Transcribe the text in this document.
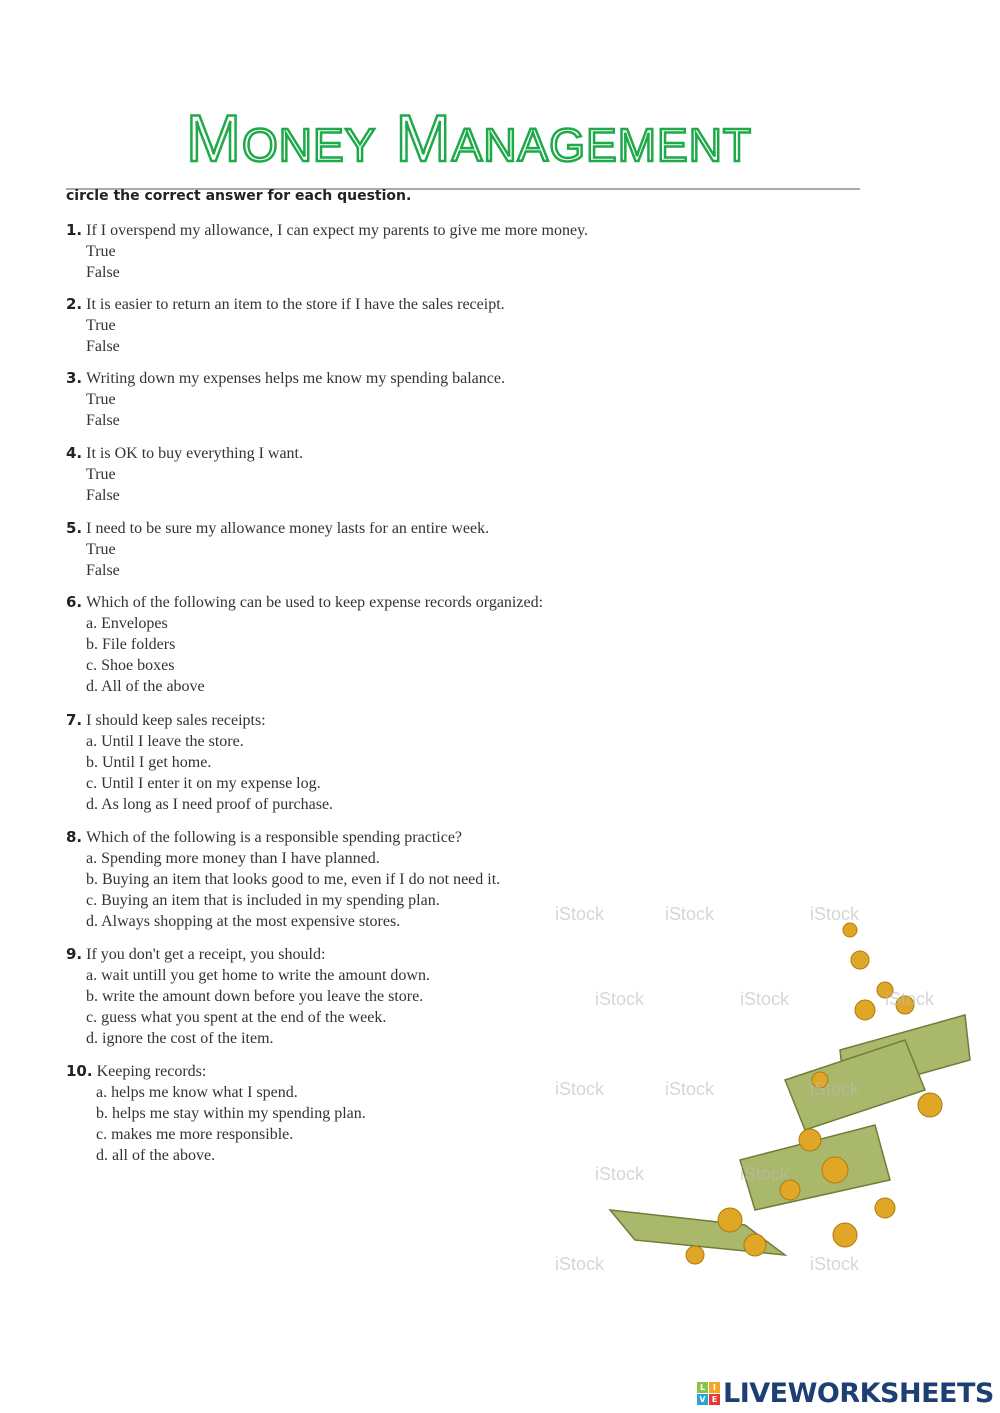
Money Management
circle the correct answer for each question.
1. If I overspend my allowance, I can expect my parents to give me more money.
True
False
2. It is easier to return an item to the store if I have the sales receipt.
True
False
3. Writing down my expenses helps me know my spending balance.
True
False
4. It is OK to buy everything I want.
True
False
5. I need to be sure my allowance money lasts for an entire week.
True
False
6. Which of the following can be used to keep expense records organized:
a. Envelopes
b. File folders
c. Shoe boxes
d. All of the above
7. I should keep sales receipts:
a. Until I leave the store.
b. Until I get home.
c. Until I enter it on my expense log.
d. As long as I need proof of purchase.
8. Which of the following is a responsible spending practice?
a. Spending more money than I have planned.
b. Buying an item that looks good to me, even if I do not need it.
c. Buying an item that is included in my spending plan.
d. Always shopping at the most expensive stores.
9. If you don't get a receipt, you should:
a. wait untill you get home to write the amount down.
b. write the amount down before you leave the store.
c. guess what you spent at the end of the week.
d. ignore the cost of the item.
10. Keeping records:
a. helps me know what I spend.
b. helps me stay within my spending plan.
c. makes me more responsible.
d. all of the above.
iStock	iStock	iStock
iStock	iStock	iStock
iStock	iStock	iStock
iStock	iStock
iStock	iStock
L I
V E LIVEWORKSHEETS
